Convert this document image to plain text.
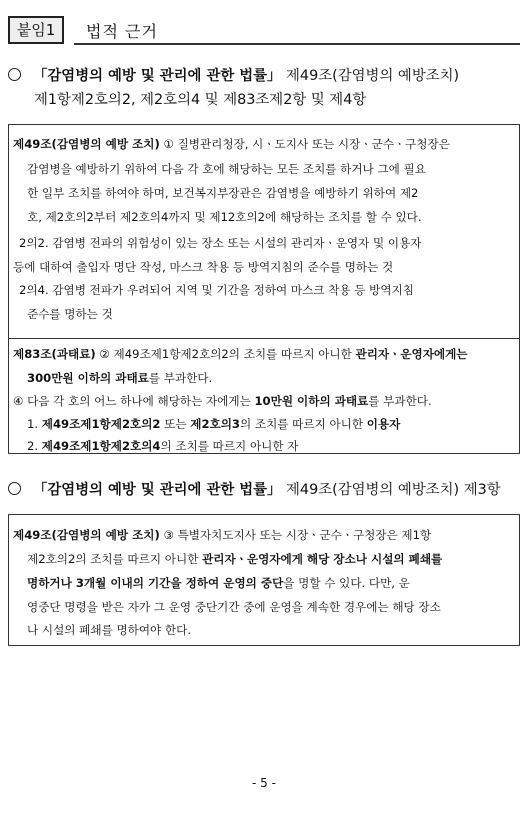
붙임1	법적 근거
「감염병의 예방 및 관리에 관한 법률」 제49조(감염병의 예방조치)
제1항제2호의2, 제2호의4 및 제83조제2항 및 제4항
제49조(감염병의 예방 조치) ① 질병관리청장, 시ㆍ도지사 또는 시장ㆍ군수ㆍ구청장은
감염병을 예방하기 위하여 다음 각 호에 해당하는 모든 조치를 하거나 그에 필요
한 일부 조치를 하여야 하며, 보건복지부장관은 감염병을 예방하기 위하여 제2
호, 제2호의2부터 제2호의4까지 및 제12호의2에 해당하는 조치를 할 수 있다.
2의2. 감염병 전파의 위험성이 있는 장소 또는 시설의 관리자ㆍ운영자 및 이용자
등에 대하여 출입자 명단 작성, 마스크 착용 등 방역지침의 준수를 명하는 것
2의4. 감염병 전파가 우려되어 지역 및 기간을 정하여 마스크 착용 등 방역지침
준수를 명하는 것
제83조(과태료) ② 제49조제1항제2호의2의 조치를 따르지 아니한 관리자ㆍ운영자에게는
300만원 이하의 과태료를 부과한다.
④ 다음 각 호의 어느 하나에 해당하는 자에게는 10만원 이하의 과태료를 부과한다.
1. 제49조제1항제2호의2 또는 제2호의3의 조치를 따르지 아니한 이용자
2. 제49조제1항제2호의4의 조치를 따르지 아니한 자
「감염병의 예방 및 관리에 관한 법률」 제49조(감염병의 예방조치) 제3항
제49조(감염병의 예방 조치) ③ 특별자치도지사 또는 시장ㆍ군수ㆍ구청장은 제1항
제2호의2의 조치를 따르지 아니한 관리자ㆍ운영자에게 해당 장소나 시설의 폐쇄를
명하거나 3개월 이내의 기간을 정하여 운영의 중단을 명할 수 있다. 다만, 운
영중단 명령을 받은 자가 그 운영 중단기간 중에 운영을 계속한 경우에는 해당 장소
나 시설의 폐쇄를 명하여야 한다.
- 5 -
